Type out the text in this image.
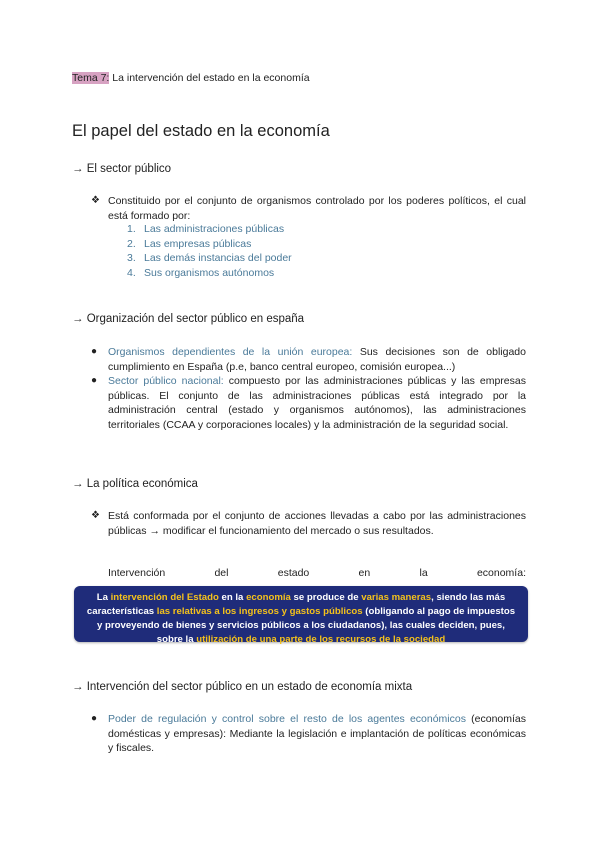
Tema 7: La intervención del estado en la economía
El papel del estado en la economía
→ El sector público
❖ Constituido por el conjunto de organismos controlado por los poderes políticos, el cual está formado por:
1. Las administraciones públicas
2. Las empresas públicas
3. Las demás instancias del poder
4. Sus organismos autónomos
→ Organización del sector público en españa
● Organismos dependientes de la unión europea: Sus decisiones son de obligado cumplimiento en España (p.e, banco central europeo, comisión europea...)
● Sector público nacional: compuesto por las administraciones públicas y las empresas públicas. El conjunto de las administraciones públicas está integrado por la administración central (estado y organismos autónomos), las administraciones territoriales (CCAA y corporaciones locales) y la administración de la seguridad social.
→ La política económica
❖ Está conformada por el conjunto de acciones llevadas a cabo por las administraciones públicas → modificar el funcionamiento del mercado o sus resultados.
Intervención	del	estado	en	la	economía:
La intervención del Estado en la economía se produce de varias maneras, siendo las más características las relativas a los ingresos y gastos públicos (obligando al pago de impuestos y proveyendo de bienes y servicios públicos a los ciudadanos), las cuales deciden, pues, sobre la utilización de una parte de los recursos de la sociedad
→ Intervención del sector público en un estado de economía mixta
● Poder de regulación y control sobre el resto de los agentes económicos (economías domésticas y empresas): Mediante la legislación e implantación de políticas económicas y fiscales.
